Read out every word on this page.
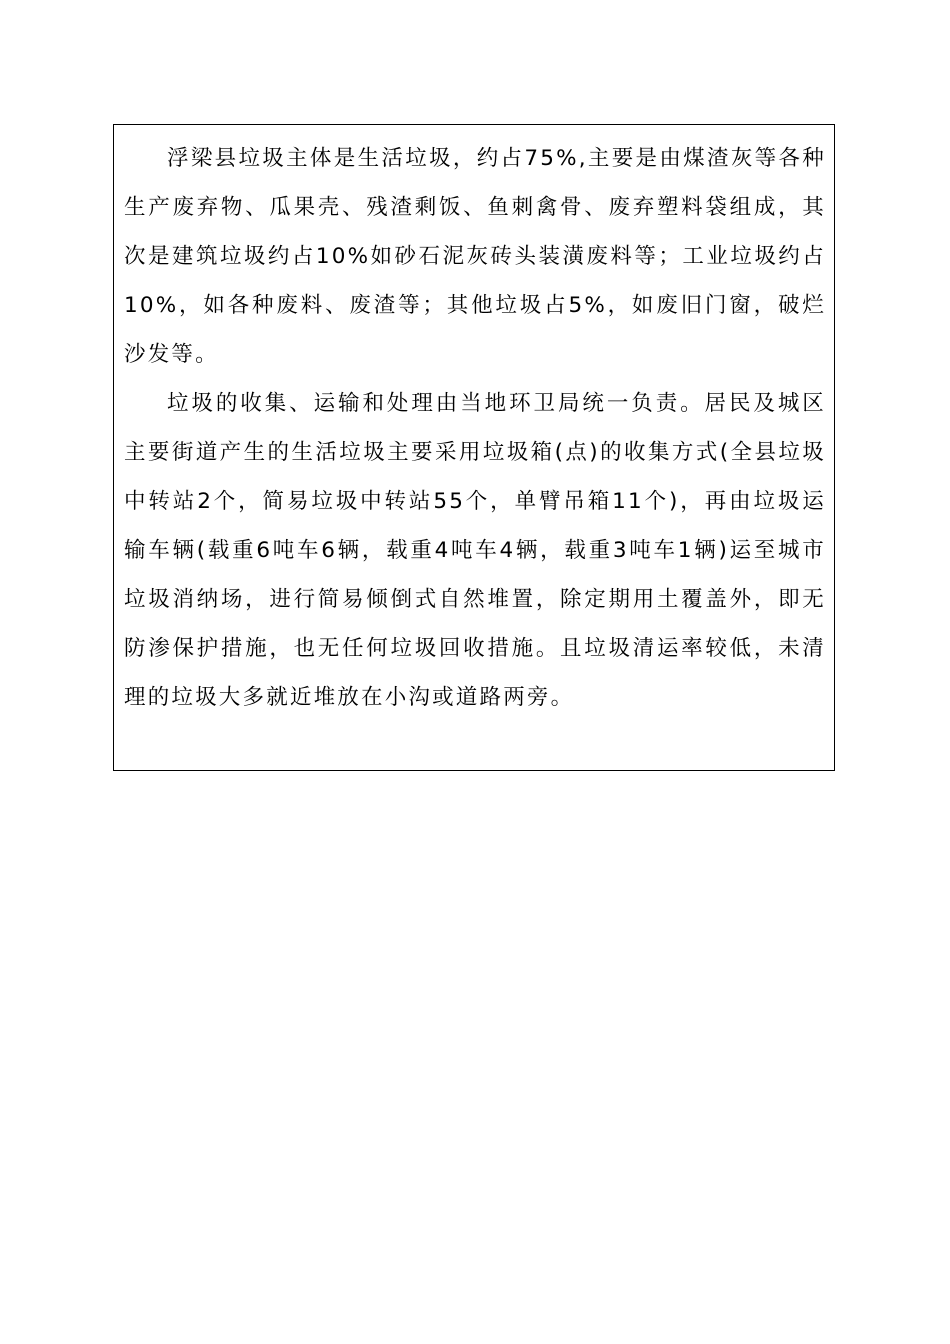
浮梁县垃圾主体是生活垃圾，约占75%,主要是由煤渣灰等各种生产废弃物、瓜果壳、残渣剩饭、鱼刺禽骨、废弃塑料袋组成，其次是建筑垃圾约占10%如砂石泥灰砖头装潢废料等；工业垃圾约占10%，如各种废料、废渣等；其他垃圾占5%，如废旧门窗，破烂沙发等。

垃圾的收集、运输和处理由当地环卫局统一负责。居民及城区主要街道产生的生活垃圾主要采用垃圾箱(点)的收集方式(全县垃圾中转站2个，简易垃圾中转站55个，单臂吊箱11个)，再由垃圾运输车辆(载重6吨车6辆，载重4吨车4辆，载重3吨车1辆)运至城市垃圾消纳场，进行简易倾倒式自然堆置，除定期用土覆盖外，即无防渗保护措施，也无任何垃圾回收措施。且垃圾清运率较低，未清理的垃圾大多就近堆放在小沟或道路两旁。
